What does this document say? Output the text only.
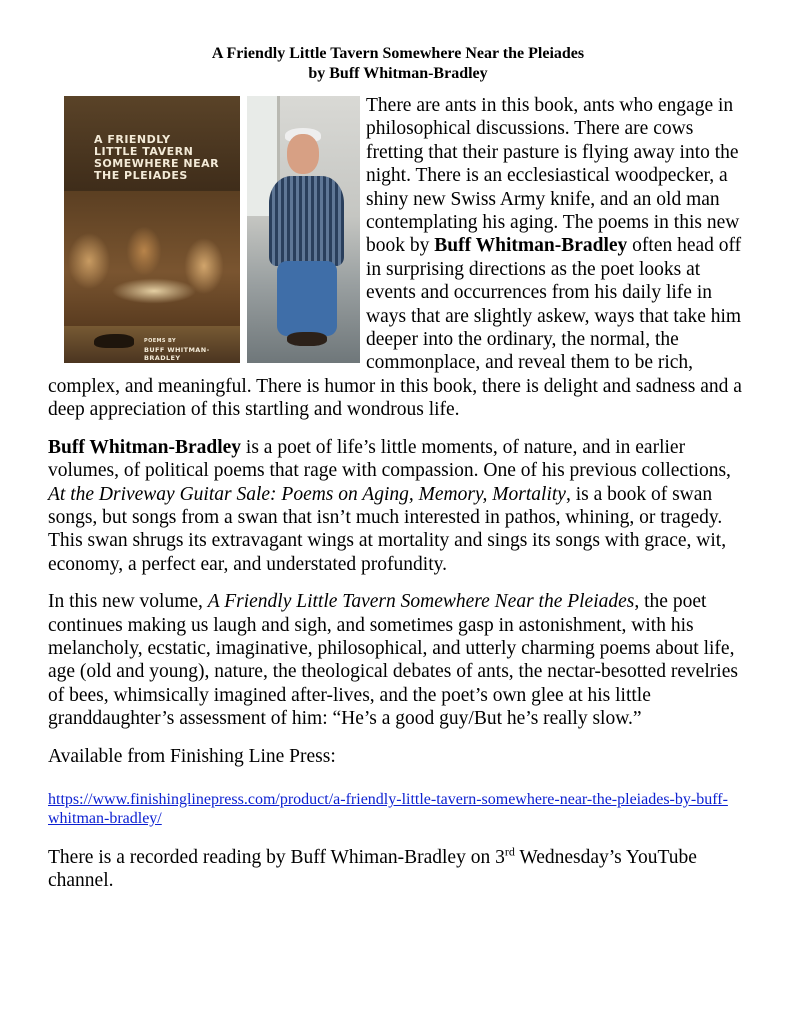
A Friendly Little Tavern Somewhere Near the Pleiades

by Buff Whitman-Bradley

A FRIENDLY
LITTLE TAVERN
SOMEWHERE NEAR
THE PLEIADES
POEMS BY
BUFF WHITMAN-BRADLEY

There are ants in this book, ants who engage in philosophical discussions. There are cows fretting that their pasture is flying away into the night. There is an ecclesiastical woodpecker, a shiny new Swiss Army knife, and an old man contemplating his aging. The poems in this new book by Buff Whitman-Bradley often head off in surprising directions as the poet looks at events and occurrences from his daily life in ways that are slightly askew, ways that take him deeper into the ordinary, the normal, the commonplace, and reveal them to be rich, complex, and meaningful. There is humor in this book, there is delight and sadness and a deep appreciation of this startling and wondrous life.

Buff Whitman-Bradley is a poet of life’s little moments, of nature, and in earlier volumes, of political poems that rage with compassion. One of his previous collections, At the Driveway Guitar Sale: Poems on Aging, Memory, Mortality, is a book of swan songs, but songs from a swan that isn’t much interested in pathos, whining, or tragedy. This swan shrugs its extravagant wings at mortality and sings its songs with grace, wit, economy, a perfect ear, and understated profundity.

In this new volume, A Friendly Little Tavern Somewhere Near the Pleiades, the poet continues making us laugh and sigh, and sometimes gasp in astonishment, with his melancholy, ecstatic, imaginative, philosophical, and utterly charming poems about life, age (old and young), nature, the theological debates of ants, the nectar-besotted revelries of bees, whimsically imagined after-lives, and the poet’s own glee at his little granddaughter’s assessment of him: “He’s a good guy/But he’s really slow.”

Available from Finishing Line Press:

https://www.finishinglinepress.com/product/a-friendly-little-tavern-somewhere-near-the-pleiades-by-buff-whitman-bradley/

There is a recorded reading by Buff Whiman-Bradley on 3rd Wednesday’s YouTube channel.
